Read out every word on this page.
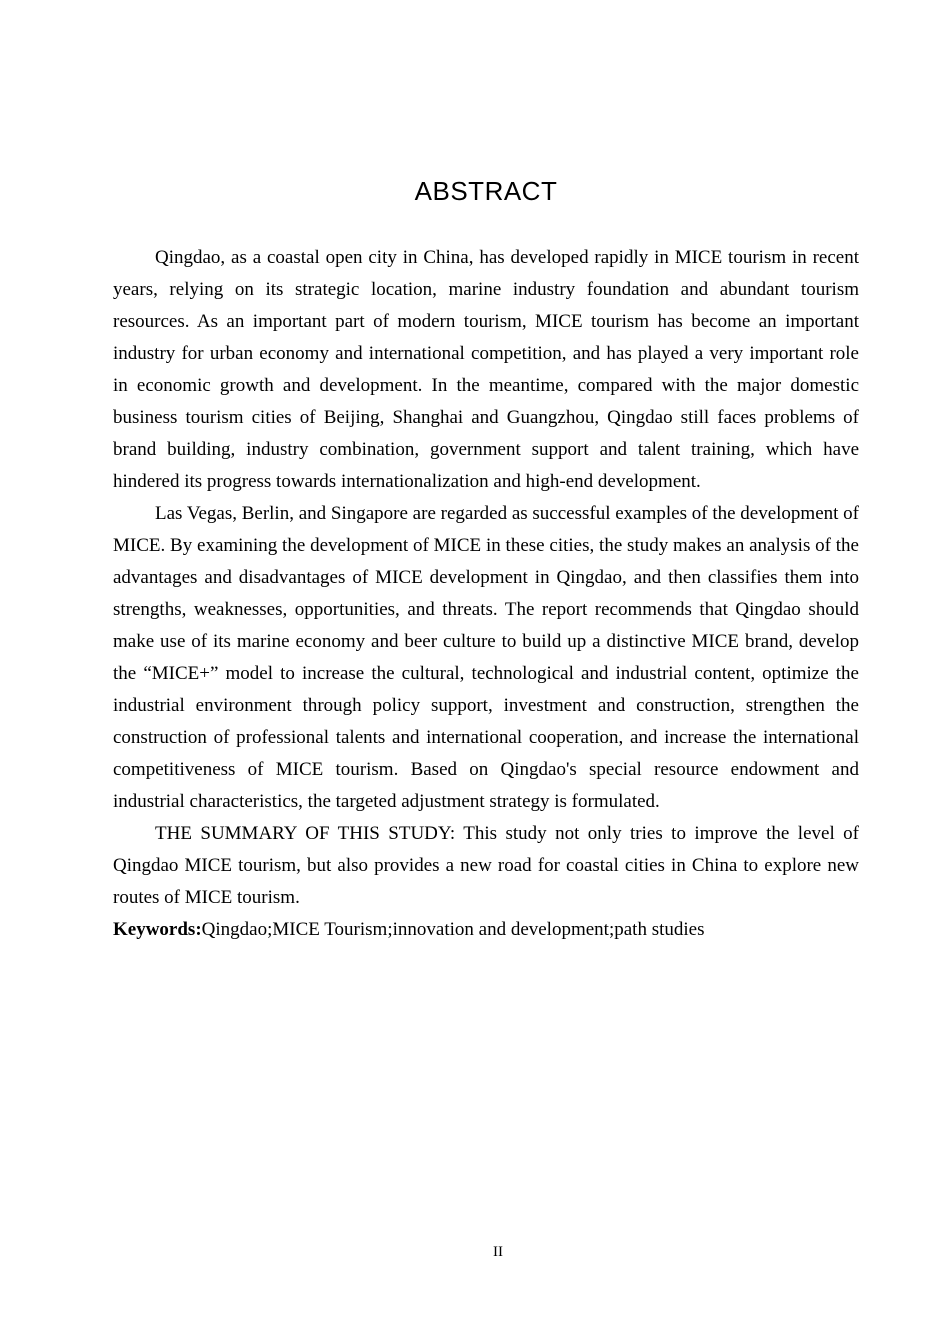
ABSTRACT

Qingdao, as a coastal open city in China, has developed rapidly in MICE tourism in recent years, relying on its strategic location, marine industry foundation and abundant tourism resources. As an important part of modern tourism, MICE tourism has become an important industry for urban economy and international competition, and has played a very important role in economic growth and development. In the meantime, compared with the major domestic business tourism cities of Beijing, Shanghai and Guangzhou, Qingdao still faces problems of brand building, industry combination, government support and talent training, which have hindered its progress towards internationalization and high-end development.

Las Vegas, Berlin, and Singapore are regarded as successful examples of the development of MICE. By examining the development of MICE in these cities, the study makes an analysis of the advantages and disadvantages of MICE development in Qingdao, and then classifies them into strengths, weaknesses, opportunities, and threats. The report recommends that Qingdao should make use of its marine economy and beer culture to build up a distinctive MICE brand, develop the “MICE+” model to increase the cultural, technological and industrial content, optimize the industrial environment through policy support, investment and construction, strengthen the construction of professional talents and international cooperation, and increase the international competitiveness of MICE tourism. Based on Qingdao's special resource endowment and industrial characteristics, the targeted adjustment strategy is formulated.

THE SUMMARY OF THIS STUDY: This study not only tries to improve the level of Qingdao MICE tourism, but also provides a new road for coastal cities in China to explore new routes of MICE tourism.

Keywords:Qingdao;MICE Tourism;innovation and development;path studies

II
